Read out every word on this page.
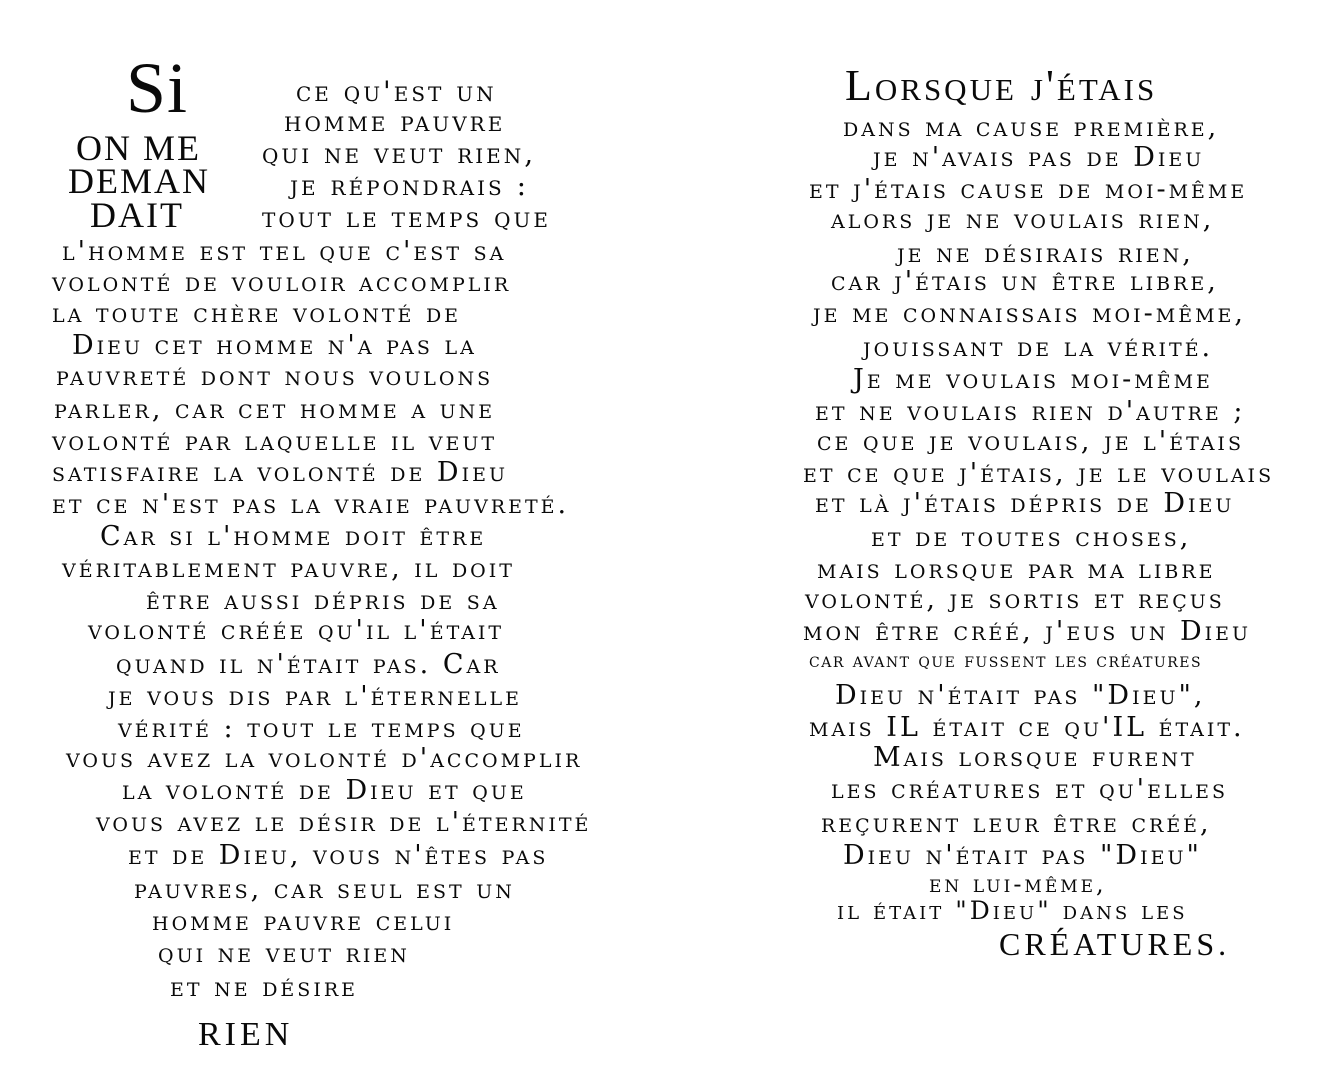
Si
ON ME
DEMAN
DAIT
ce qu'est un
homme pauvre
qui ne veut rien,
je répondrais :
tout le temps que
l'homme est tel que c'est sa
volonté de vouloir accomplir
la toute chère volonté de
Dieu cet homme n'a pas la
pauvreté dont nous voulons
parler, car cet homme a une
volonté par laquelle il veut
satisfaire la volonté de Dieu
et ce n'est pas la vraie pauvreté.
Car si l'homme doit être
véritablement pauvre, il doit
être aussi dépris de sa
volonté créée qu'il l'était
quand il n'était pas. Car
je vous dis par l'éternelle
vérité : tout le temps que
vous avez la volonté d'accomplir
la volonté de Dieu et que
vous avez le désir de l'éternité
et de Dieu, vous n'êtes pas
pauvres, car seul est un
homme pauvre celui
qui ne veut rien
et ne désire
RIEN
Lorsque j'étais
dans ma cause première,
je n'avais pas de Dieu
et j'étais cause de moi-même
alors je ne voulais rien,
je ne désirais rien,
car j'étais un être libre,
je me connaissais moi-même,
jouissant de la vérité.
Je me voulais moi-même
et ne voulais rien d'autre ;
ce que je voulais, je l'étais
et ce que j'étais, je le voulais
et là j'étais dépris de Dieu
et de toutes choses,
mais lorsque par ma libre
volonté, je sortis et reçus
mon être créé, j'eus un Dieu
car avant que fussent les créatures
Dieu n'était pas "Dieu",
mais IL était ce qu'IL était.
Mais lorsque furent
les créatures et qu'elles
reçurent leur être créé,
Dieu n'était pas "Dieu"
en lui-même,
il était "Dieu" dans les
CRÉATURES.
